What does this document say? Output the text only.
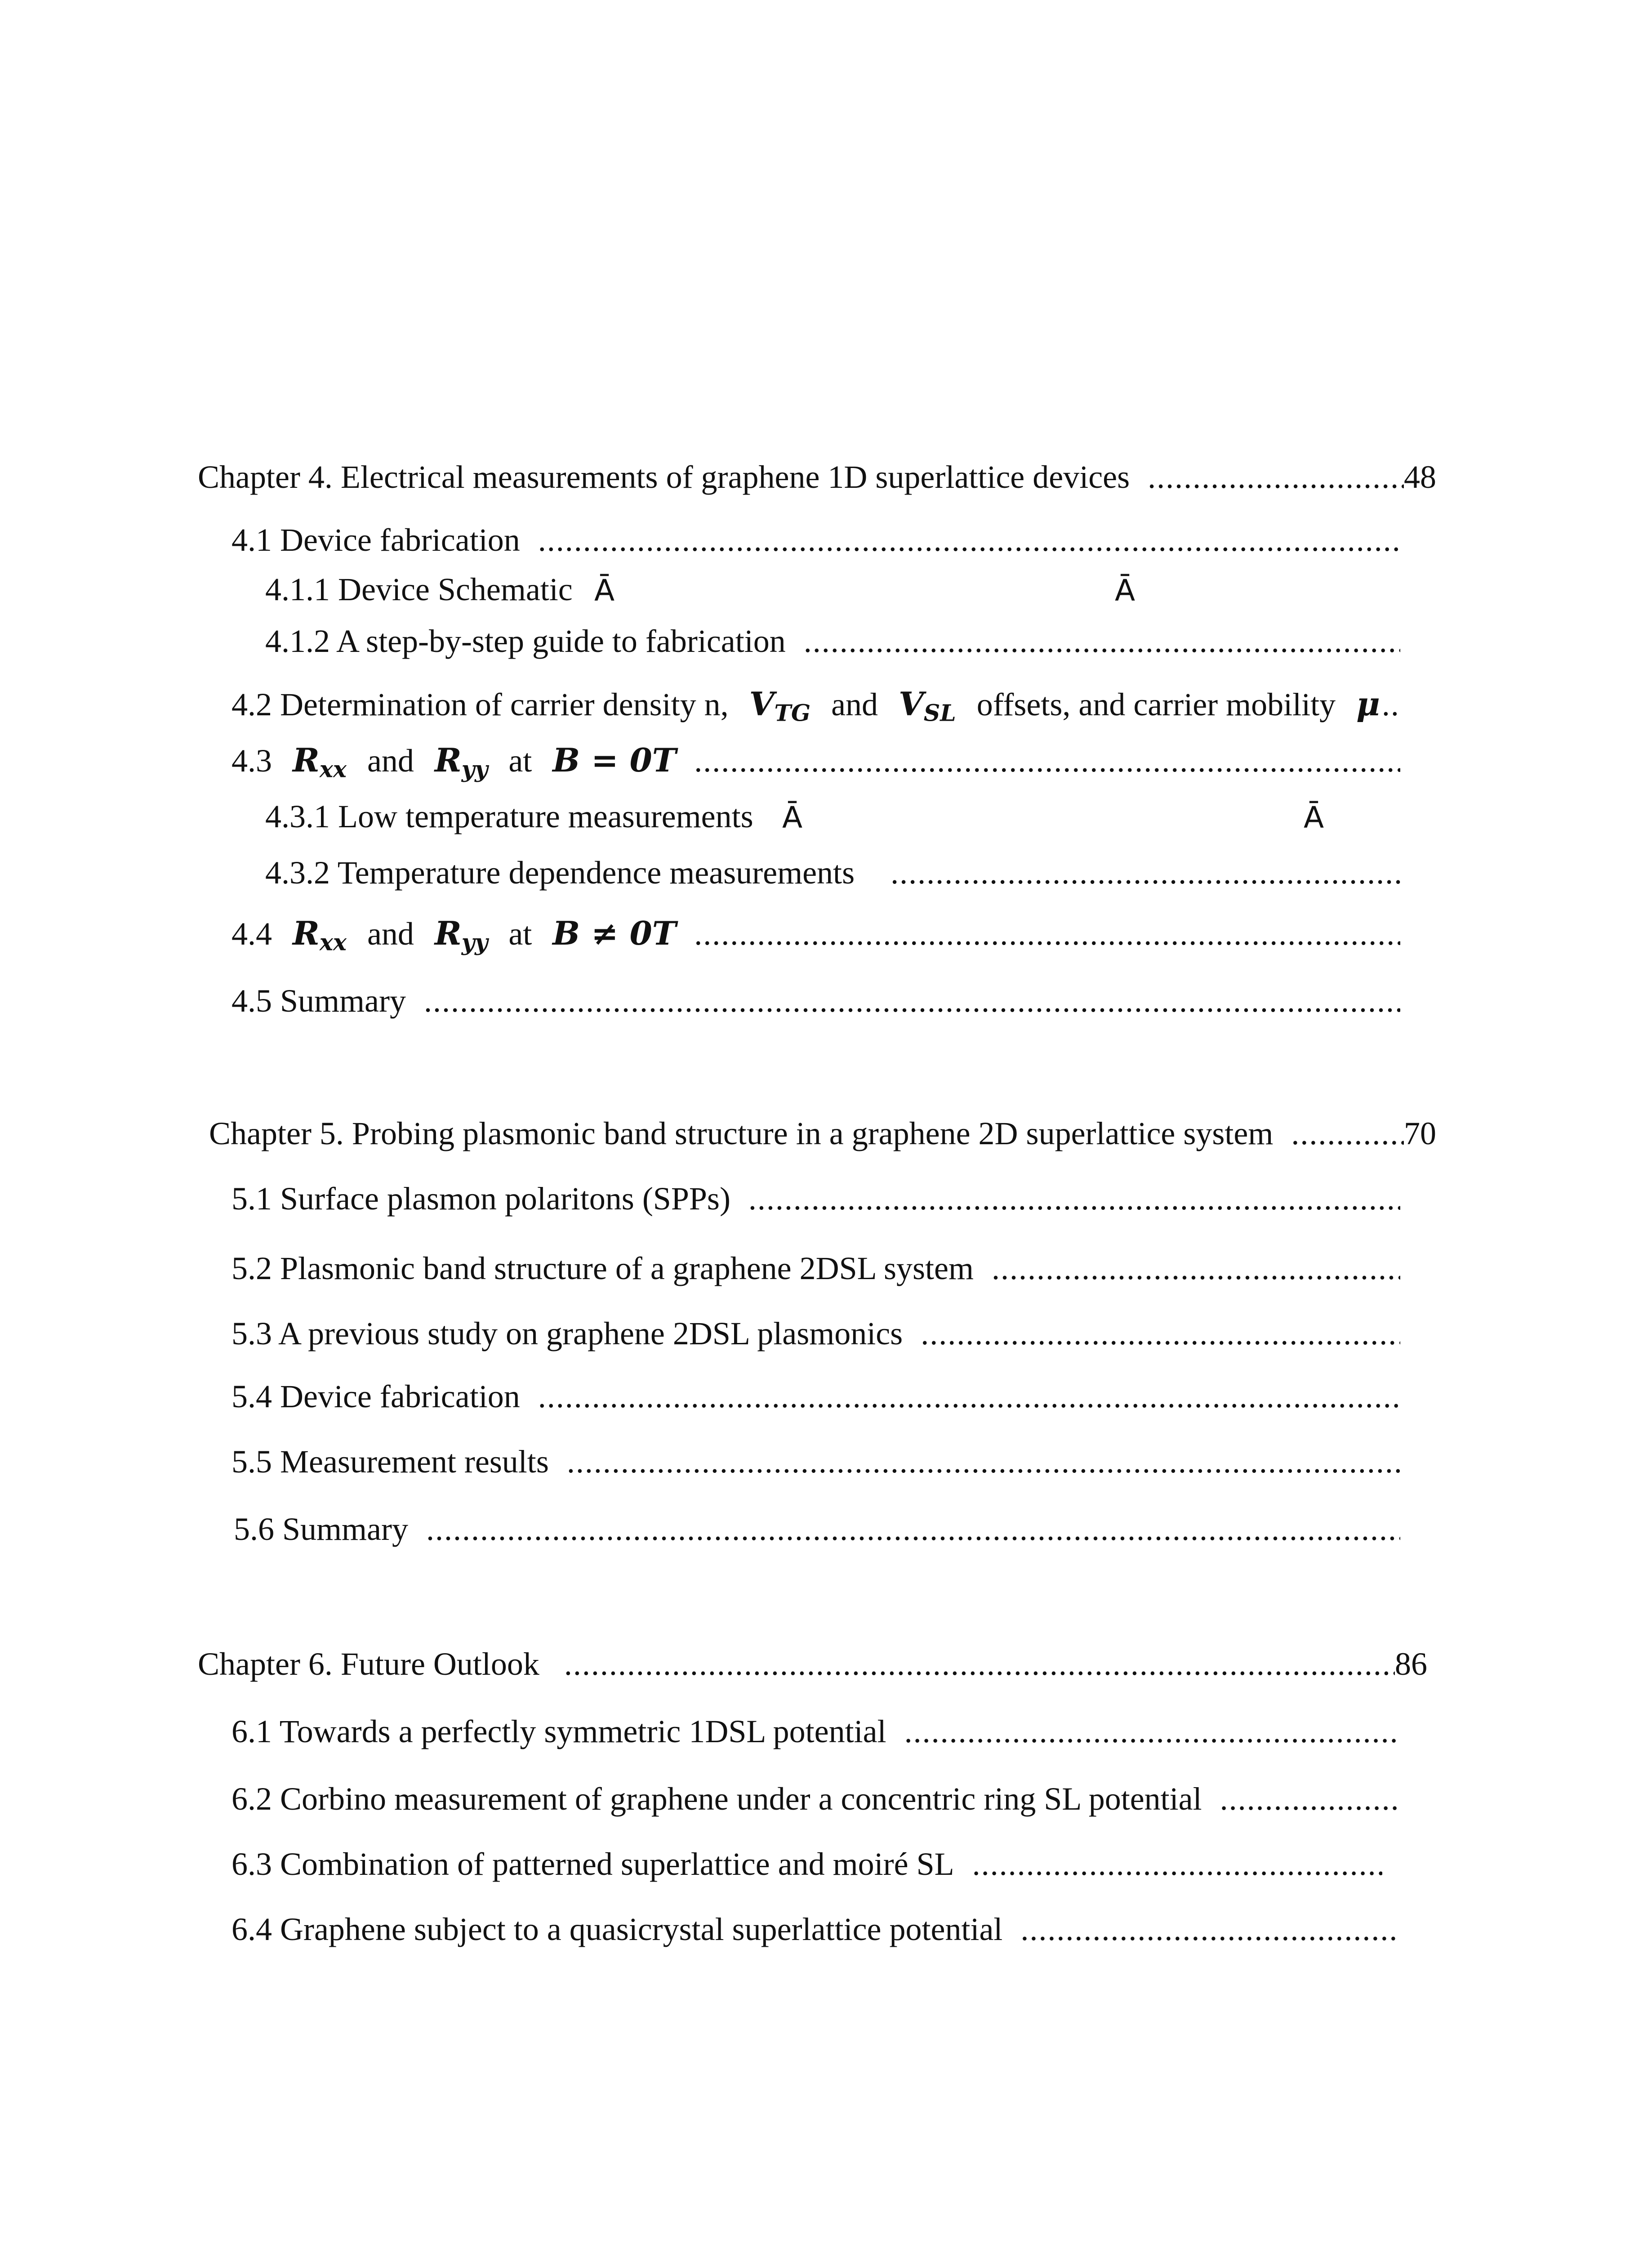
Chapter 4. Electrical measurements of graphene 1D superlattice devices .....	48
4.1 Device fabrication
.....
4.1.1 Device Schematic Ā	Ā
4.1.2 A step-by-step guide to fabrication
.....
4.2 Determination of carrier density n, $V_{TG}$ and $V_{SL}$ offsets, and carrier mobility μ
.....
4.3 $R_{xx}$ and $R_{yy}$ at B = 0T
.....
4.3.1 Low temperature measurements Ā	Ā
4.3.2 Temperature dependence measurements
.....
4.4 $R_{xx}$ and $R_{yy}$ at B ≠ 0T
.....
4.5 Summary
.....
Chapter 5. Probing plasmonic band structure in a graphene 2D superlattice system .....	70
5.1 Surface plasmon polaritons (SPPs)
.....
5.2 Plasmonic band structure of a graphene 2DSL system
.....
5.3 A previous study on graphene 2DSL plasmonics
.....
5.4 Device fabrication
.....
5.5 Measurement results
.....
5.6 Summary
.....
Chapter 6. Future Outlook .....	86
6.1 Towards a perfectly symmetric 1DSL potential
.....
6.2 Corbino measurement of graphene under a concentric ring SL potential
.....
6.3 Combination of patterned superlattice and moiré SL
.....
6.4 Graphene subject to a quasicrystal superlattice potential
.....
